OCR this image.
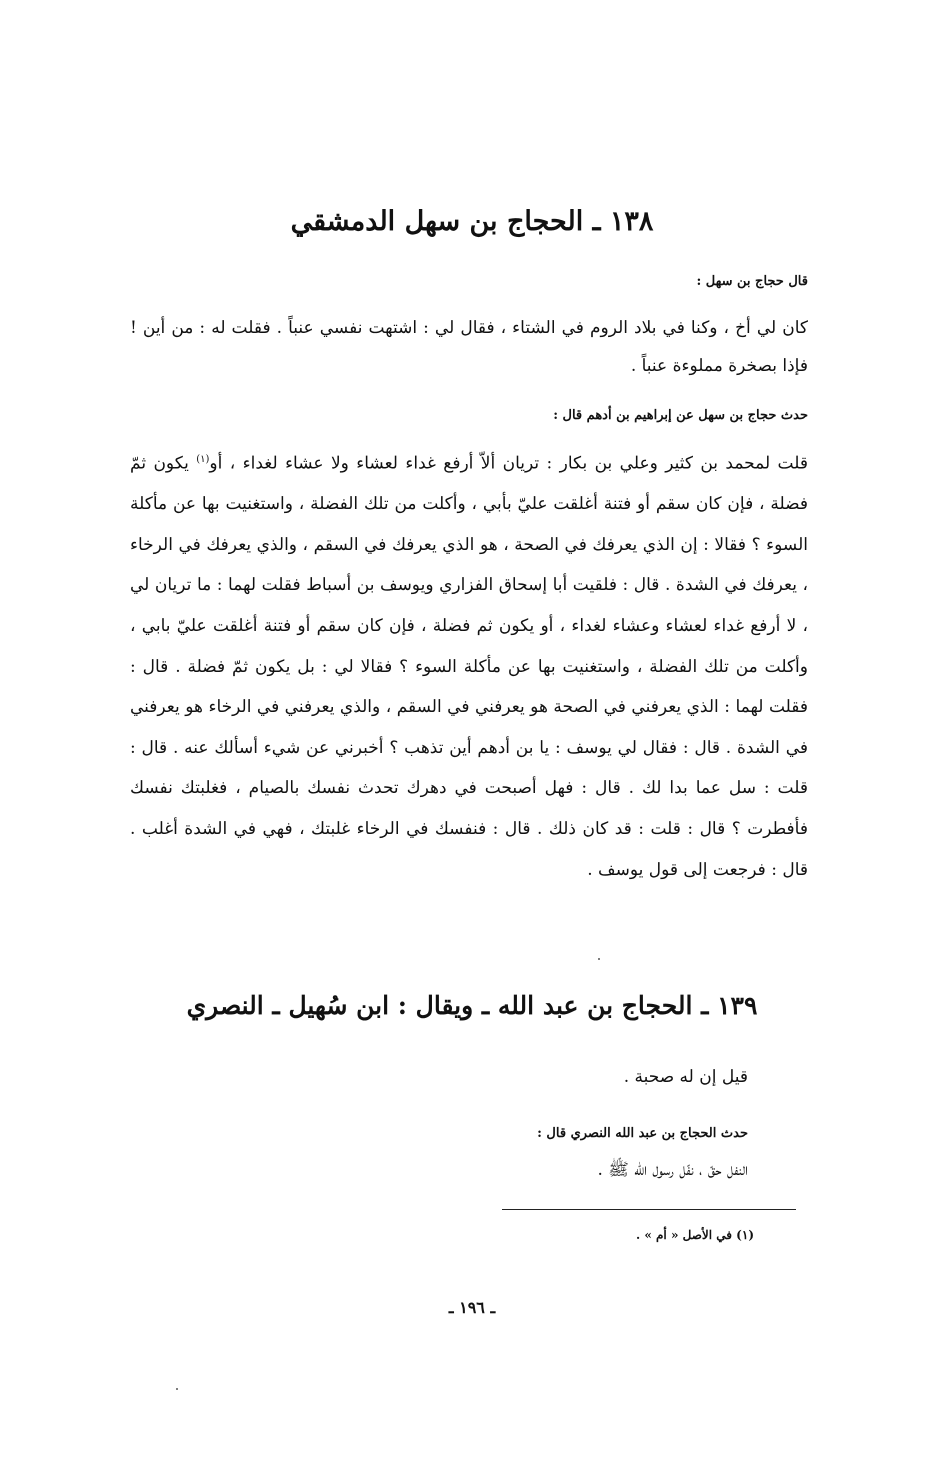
١٣٨ ـ الحجاج بن سهل الدمشقي
قال حجاج بن سهل :
كان لي أخ ، وكنا في بلاد الروم في الشتاء ، فقال لي : اشتهت نفسي عنباً . فقلت له : من أين ! فإذا بصخرة مملوءة عنباً .
حدث حجاج بن سهل عن إبراهيم بن أدهم قال :
قلت لمحمد بن كثير وعلي بن بكار : تريان ألاّ أرفع غداء لعشاء ولا عشاء لغداء ، أو$^{(١)}$ يكون ثمّ فضلة ، فإن كان سقم أو فتنة أغلقت عليّ بأبي ، وأكلت من تلك الفضلة ، واستغنيت بها عن مأكلة السوء ؟ فقالا : إن الذي يعرفك في الصحة ، هو الذي يعرفك في السقم ، والذي يعرفك في الرخاء ، يعرفك في الشدة . قال : فلقيت أبا إسحاق الفزاري ويوسف بن أسباط فقلت لهما : ما تريان لي ، لا أرفع غداء لعشاء وعشاء لغداء ، أو يكون ثم فضلة ، فإن كان سقم أو فتنة أغلقت عليّ بابي ، وأكلت من تلك الفضلة ، واستغنيت بها عن مأكلة السوء ؟ فقالا لي : بل يكون ثمّ فضلة . قال : فقلت لهما : الذي يعرفني في الصحة هو يعرفني في السقم ، والذي يعرفني في الرخاء هو يعرفني في الشدة . قال : فقال لي يوسف : يا بن أدهم أين تذهب ؟ أخبرني عن شيء أسألك عنه . قال : قلت : سل عما بدا لك . قال : فهل أصبحت في دهرك تحدث نفسك بالصيام ، فغلبتك نفسك فأفطرت ؟ قال : قلت : قد كان ذلك . قال : فنفسك في الرخاء غلبتك ، فهي في الشدة أغلب . قال : فرجعت إلى قول يوسف .
١٣٩ ـ الحجاج بن عبد الله ـ ويقال : ابن سُهيل ـ النصري
قيل إن له صحبة .
حدث الحجاج بن عبد الله النصري قال :
النفل حقّ ، نفّل رسول الله ﷺ .
(١) في الأصل « أم » .
ـ ١٩٦ ـ
